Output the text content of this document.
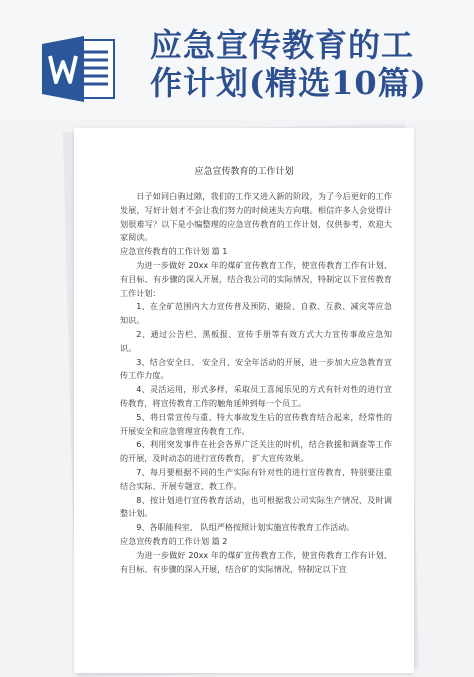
应急宣传教育的工
作计划(精选10篇)
应急宣传教育的工作计划

日子如同白驹过隙，我们的工作又进入新的阶段，为了今后更好的工作发展，写好计划才不会让我们努力的时候迷失方向哦。相信许多人会觉得计划很难写？以下是小编整理的应急宣传教育的工作计划，仅供参考，欢迎大家阅读。

应急宣传教育的工作计划 篇 1

为进一步做好 20xx 年的煤矿宣传教育工作，使宣传教育工作有计划、有目标、有步骤的深入开展，结合我公司的实际情况，特制定以下宣传教育工作计划：

1、在全矿范围内大力宣传普及预防、避险、自救、互救、减灾等应急知识。

2、通过公告栏、黑板报、宣传手册等有效方式大力宣传事故应急知识。

3、结合安全日、 安全月、安全年活动的开展，进一步加大应急教育宣传工作力度。

4、灵活运用，形式多样，采取员工喜闻乐见的方式有针对性的进行宣传教育，将宣传教育工作的触角延伸到每一个员工。

5、将日常宣传与重、特大事故发生后的宣传教育结合起来，经常性的开展安全和应急管理宣传教育工作。

6、利用突发事件在社会各界广泛关注的时机，结合救援和调查等工作的开展，及时动态的进行宣传教育， 扩大宣传效果。

7、每月要根据不同的生产实际有针对性的进行宣传教育，特别要注重结合实际、开展专题宣、教工作。

8、按计划进行宣传教育活动，也可根据我公司实际生产情况，及时调整计划。

9、各职能科室、 队组严格按照计划实施宣传教育工作活动。

应急宣传教育的工作计划 篇 2

为进一步做好 20xx 年的煤矿宣传教育工作，使宣传教育工作有计划、有目标、有步骤的深入开展，结合矿的实际情况，特制定以下宣
